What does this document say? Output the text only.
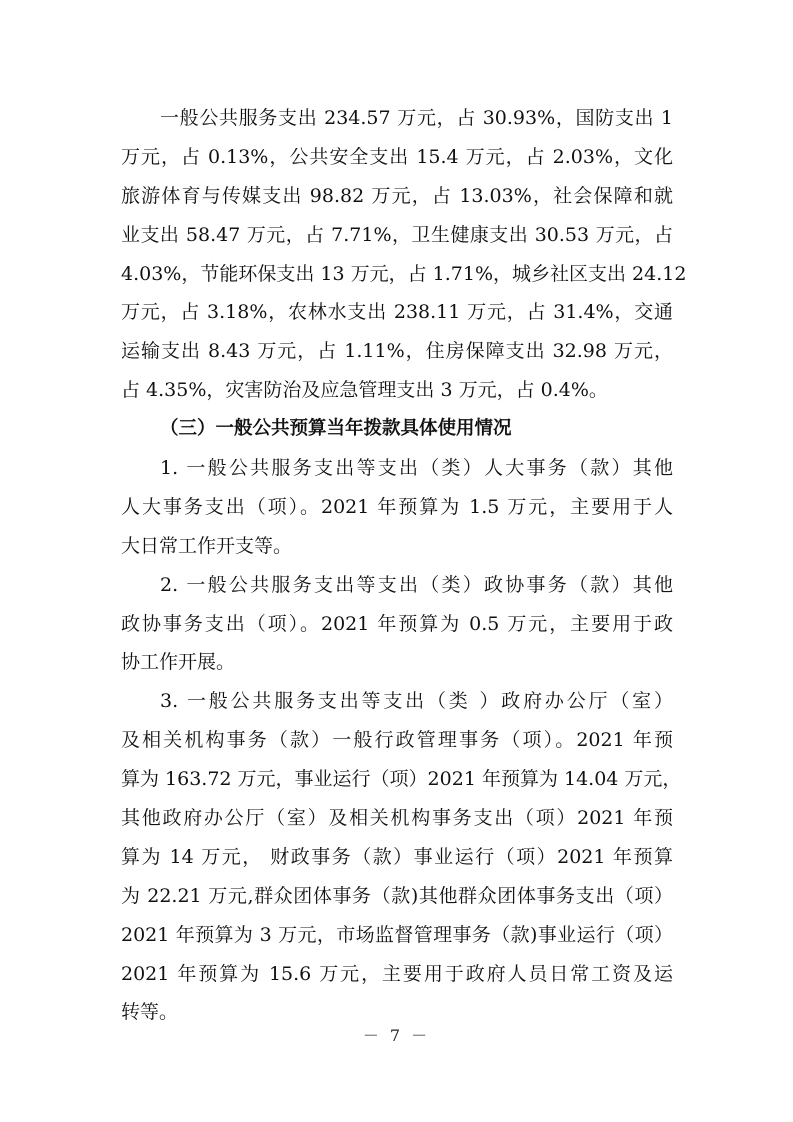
一般公共服务支出 234.57 万元，占 30.93%，国防支出 1
万元，占 0.13%，公共安全支出 15.4 万元，占 2.03%，文化
旅游体育与传媒支出 98.82 万元，占 13.03%，社会保障和就
业支出 58.47 万元，占 7.71%，卫生健康支出 30.53 万元，占
4.03%，节能环保支出 13 万元，占 1.71%，城乡社区支出 24.12
万元，占 3.18%，农林水支出 238.11 万元，占 31.4%，交通
运输支出 8.43 万元，占 1.11%，住房保障支出 32.98 万元，
占 4.35%，灾害防治及应急管理支出 3 万元，占 0.4%。
（三）一般公共预算当年拨款具体使用情况
1. 一般公共服务支出等支出（类）人大事务（款）其他
人大事务支出（项）。2021 年预算为 1.5 万元，主要用于人
大日常工作开支等。
2. 一般公共服务支出等支出（类）政协事务（款）其他
政协事务支出（项）。2021 年预算为 0.5 万元，主要用于政
协工作开展。
3. 一般公共服务支出等支出（类 ）政府办公厅（室）
及相关机构事务（款）一般行政管理事务（项）。2021 年预
算为 163.72 万元，事业运行（项）2021 年预算为 14.04 万元，
其他政府办公厅（室）及相关机构事务支出（项）2021 年预
算为 14 万元， 财政事务（款）事业运行（项）2021 年预算
为 22.21 万元,群众团体事务（款)其他群众团体事务支出（项）
2021 年预算为 3 万元，市场监督管理事务（款)事业运行（项）
2021 年预算为 15.6 万元，主要用于政府人员日常工资及运
转等。
－ 7 －
